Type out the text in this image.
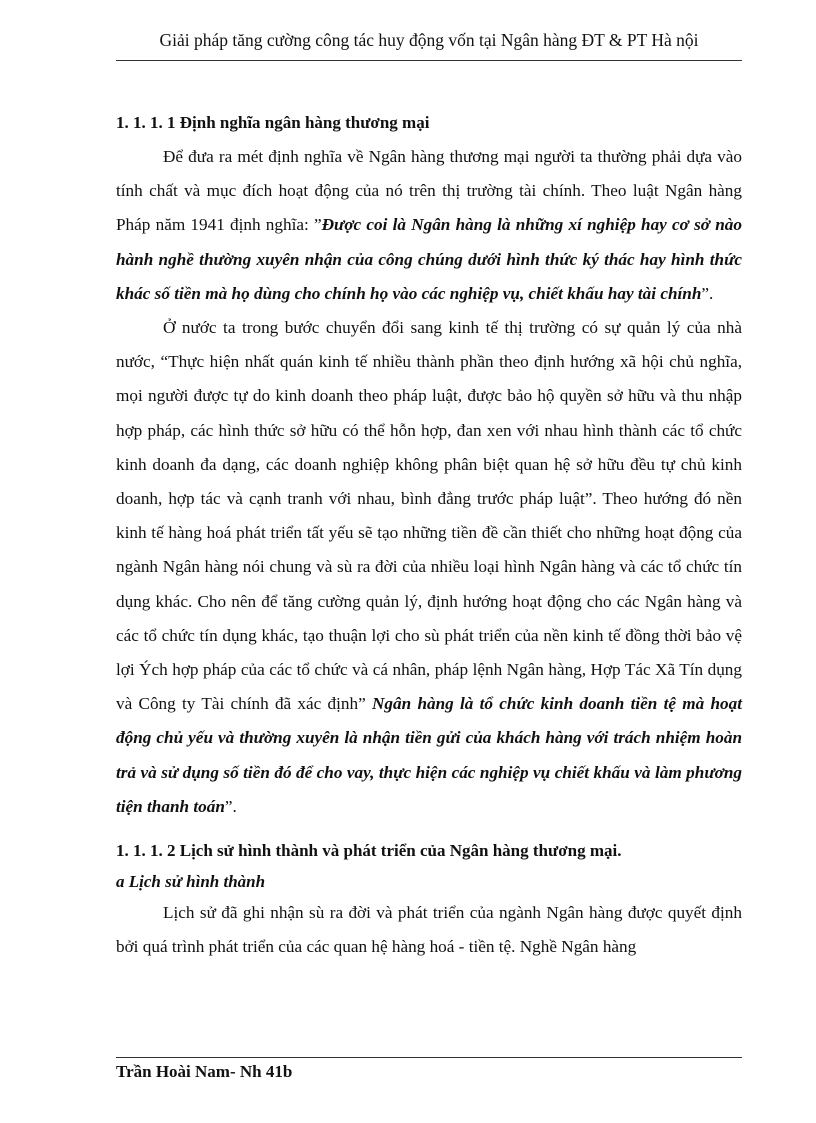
Giải pháp tăng cường công tác huy động vốn tại Ngân hàng ĐT & PT Hà nội

1. 1. 1. 1 Định nghĩa ngân hàng thương mại

Để đưa ra mét định nghĩa về Ngân hàng thương mại người ta thường phải dựa vào tính chất và mục đích hoạt động của nó trên thị trường tài chính. Theo luật Ngân hàng Pháp năm 1941 định nghĩa: ”Được coi là Ngân hàng là những xí nghiệp hay cơ sở nào hành nghề thường xuyên nhận của công chúng dưới hình thức ký thác hay hình thức khác số tiền mà họ dùng cho chính họ vào các nghiệp vụ, chiết khấu hay tài chính”.

Ở nước ta trong bước chuyển đổi sang kinh tế thị trường có sự quản lý của nhà nước, “Thực hiện nhất quán kinh tế nhiều thành phần theo định hướng xã hội chủ nghĩa, mọi người được tự do kinh doanh theo pháp luật, được bảo hộ quyền sở hữu và thu nhập hợp pháp, các hình thức sở hữu có thể hỗn hợp, đan xen với nhau hình thành các tổ chức kinh doanh đa dạng, các doanh nghiệp không phân biệt quan hệ sở hữu đều tự chủ kinh doanh, hợp tác và cạnh tranh với nhau, bình đẳng trước pháp luật”. Theo hướng đó nền kinh tế hàng hoá phát triển tất yếu sẽ tạo những tiền đề cần thiết cho những hoạt động của ngành Ngân hàng nói chung và sù ra đời của nhiều loại hình Ngân hàng và các tổ chức tín dụng khác. Cho nên để tăng cường quản lý, định hướng hoạt động cho các Ngân hàng và các tổ chức tín dụng khác, tạo thuận lợi cho sù phát triển của nền kinh tế đồng thời bảo vệ lợi Ých hợp pháp của các tổ chức và cá nhân, pháp lệnh Ngân hàng, Hợp Tác Xã Tín dụng và Công ty Tài chính đã xác định” Ngân hàng là tổ chức kinh doanh tiền tệ mà hoạt động chủ yếu và thường xuyên là nhận tiền gửi của khách hàng với trách nhiệm hoàn trả và sử dụng số tiền đó để cho vay, thực hiện các nghiệp vụ chiết khấu và làm phương tiện thanh toán”.

1. 1. 1. 2 Lịch sử hình thành và phát triển của Ngân hàng thương mại.

a Lịch sử hình thành

Lịch sử đã ghi nhận sù ra đời và phát triển của ngành Ngân hàng được quyết định bởi quá trình phát triển của các quan hệ hàng hoá - tiền tệ. Nghề Ngân hàng

Trần Hoài Nam- Nh 41b
